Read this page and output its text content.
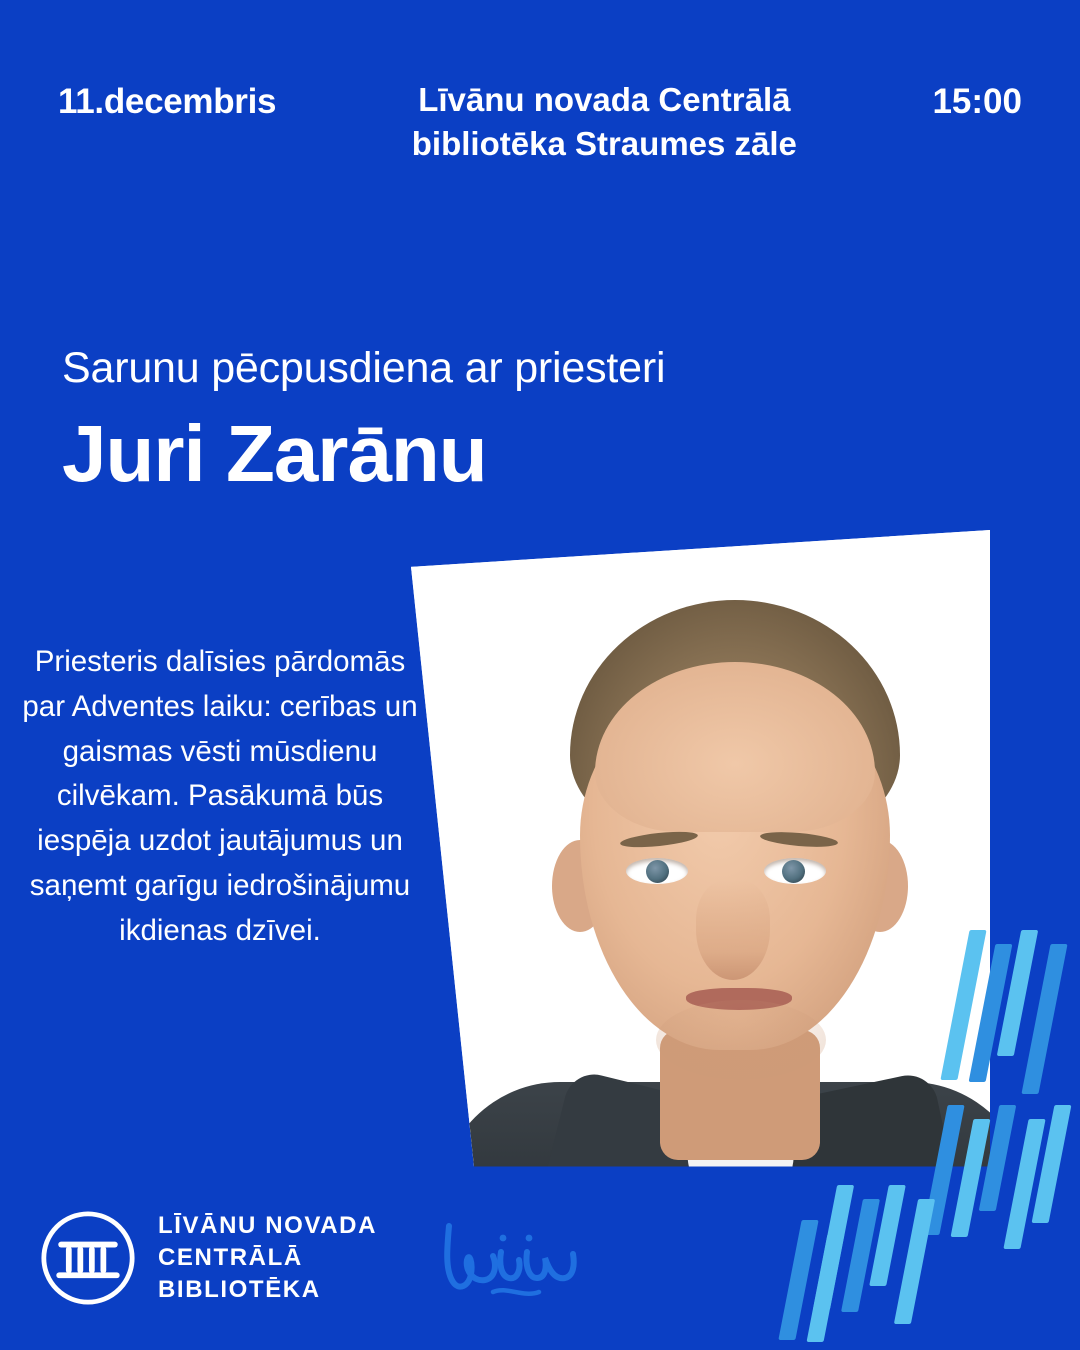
11.decembris	Līvānu novada Centrālā bibliotēka Straumes zāle
15:00
Sarunu pēcpusdiena ar priesteri
Juri Zarānu
Priesteris dalīsies pārdomās par Adventes laiku: cerības un gaismas vēsti mūsdienu cilvēkam. Pasākumā būs iespēja uzdot jautājumus un saņemt garīgu iedrošinājumu ikdienas dzīvei.
LĪVĀNU NOVADA
CENTRĀLĀ
BIBLIOTĒKA
